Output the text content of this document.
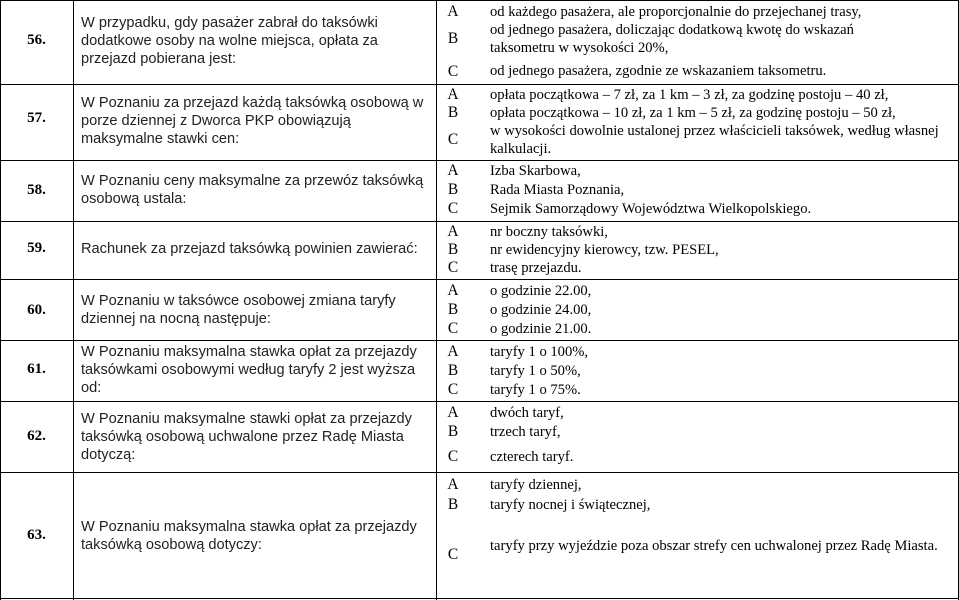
56.
W przypadku, gdy pasażer zabrał do taksówki dodatkowe osoby na wolne miejsca, opłata za przejazd pobierana jest:
A	od każdego pasażera, ale proporcjonalnie do przejechanej trasy,
B	od jednego pasażera, doliczając dodatkową kwotę do wskazań taksometru w wysokości 20%,
C	od jednego pasażera, zgodnie ze wskazaniem taksometru.
57.
W Poznaniu za przejazd każdą taksówką osobową w porze dziennej z Dworca PKP obowiązują maksymalne stawki cen:
A	opłata początkowa – 7 zł, za 1 km – 3 zł, za godzinę postoju – 40 zł,
B	opłata początkowa – 10 zł, za 1 km – 5 zł, za godzinę postoju – 50 zł,
C	w wysokości dowolnie ustalonej przez właścicieli taksówek, według własnej kalkulacji.
58.
W Poznaniu ceny maksymalne za przewóz taksówką osobową ustala:
A	Izba Skarbowa,
B	Rada Miasta Poznania,
C	Sejmik Samorządowy Województwa Wielkopolskiego.
59.	Rachunek za przejazd taksówką powinien zawierać:
A	nr boczny taksówki,
B	nr ewidencyjny kierowcy, tzw. PESEL,
C	trasę przejazdu.
60.
W Poznaniu w taksówce osobowej zmiana taryfy dziennej na nocną następuje:
A	o godzinie 22.00,
B	o godzinie 24.00,
C	o godzinie 21.00.
61.
W Poznaniu maksymalna stawka opłat za przejazdy taksówkami osobowymi według taryfy 2 jest wyższa od:
A	taryfy 1 o 100%,
B	taryfy 1 o 50%,
C	taryfy 1 o 75%.
62.
W Poznaniu maksymalne stawki opłat za przejazdy taksówką osobową uchwalone przez Radę Miasta dotyczą:
A	dwóch taryf,
B	trzech taryf,
C	czterech taryf.
63.	W Poznaniu maksymalna stawka opłat za przejazdy taksówką osobową dotyczy:
A	taryfy dziennej,
B	taryfy nocnej i świątecznej,
C	taryfy przy wyjeździe poza obszar strefy cen uchwalonej przez Radę Miasta.
